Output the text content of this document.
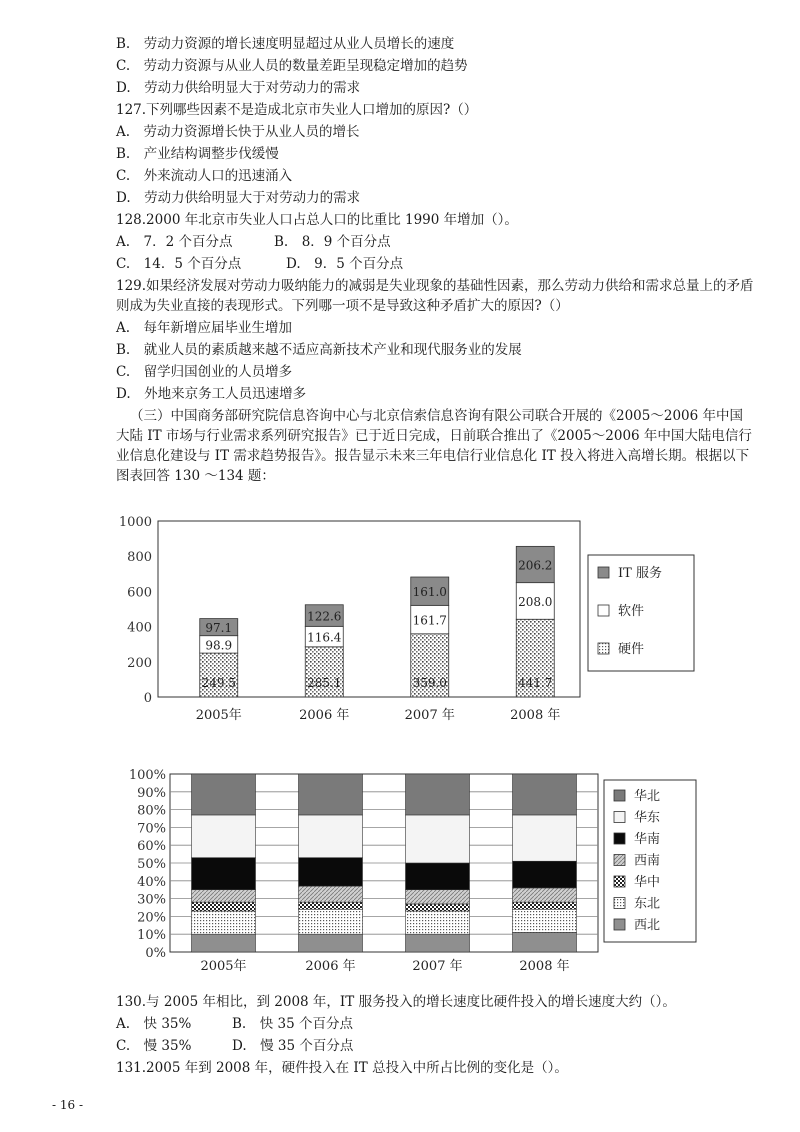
B.　劳动力资源的增长速度明显超过从业人员增长的速度
C.　劳动力资源与从业人员的数量差距呈现稳定增加的趋势
D.　劳动力供给明显大于对劳动力的需求
127.下列哪些因素不是造成北京市失业人口增加的原因?（）
A.　劳动力资源增长快于从业人员的增长
B.　产业结构调整步伐缓慢
C.　外来流动人口的迅速涌入
D.　劳动力供给明显大于对劳动力的需求
128.2000 年北京市失业人口占总人口的比重比 1990 年增加（）。
A.　7．2 个百分点	B.　8．9 个百分点
C.　14．5 个百分点	D.　9．5 个百分点
129.如果经济发展对劳动力吸纳能力的减弱是失业现象的基础性因素，那么劳动力供给和需求总量上的矛盾则成为失业直接的表现形式。下列哪一项不是导致这种矛盾扩大的原因?（）
A.　每年新增应届毕业生增加
B.　就业人员的素质越来越不适应高新技术产业和现代服务业的发展
C.　留学归国创业的人员增多
D.　外地来京务工人员迅速增多
（三）中国商务部研究院信息咨询中心与北京信索信息咨询有限公司联合开展的《2005～2006 年中国大陆 IT 市场与行业需求系列研究报告》已于近日完成，日前联合推出了《2005～2006 年中国大陆电信行业信息化建设与 IT 需求趋势报告》。报告显示未来三年电信行业信息化 IT 投入将进入高增长期。根据以下图表回答 130 ～134 题：
1000
800
600
400
200
0
249.5
98.9
97.1
2005年
285.1
116.4
122.6
2006 年
359.0
161.7
161.0
2007 年
441.7
208.0
206.2
2008 年
IT 服务
软件
硬件
100%
90%
80%
70%
60%
50%
40%
30%
20%
10%
0%
2005年	2006 年	2007 年	2008 年
华北
华东
华南
西南
华中
东北
西北
130.与 2005 年相比，到 2008 年，IT 服务投入的增长速度比硬件投入的增长速度大约（）。
A.　快 35%	B.　快 35 个百分点
C.　慢 35%	D.　慢 35 个百分点
131.2005 年到 2008 年，硬件投入在 IT 总投入中所占比例的变化是（）。
- 16 -
